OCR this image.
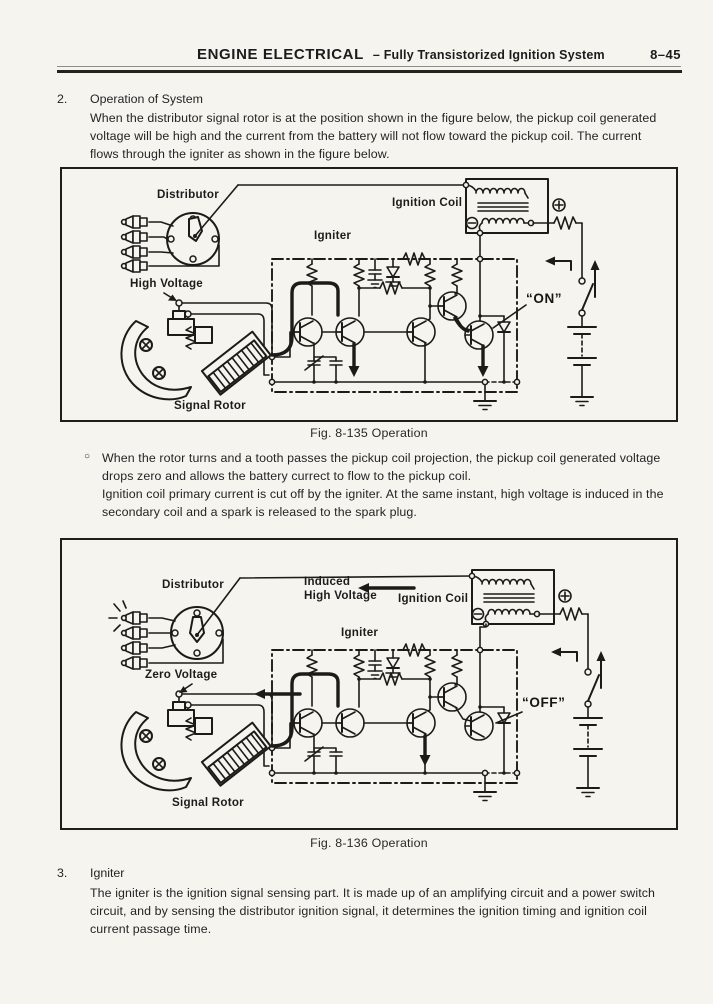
ENGINE ELECTRICAL – Fully Transistorized Ignition System	8–45
2. Operation of System
When the distributor signal rotor is at the position shown in the figure below, the pickup coil generated voltage will be high and the current from the battery will not flow toward the pickup coil. The current flows through the igniter as shown in the figure below.
Distributor
Ignition Coil
Igniter
High Voltage
“ON”
Signal Rotor
Fig. 8-135 Operation
○ When the rotor turns and a tooth passes the pickup coil projection, the pickup coil generated voltage drops zero and allows the battery currect to flow to the pickup coil.
Ignition coil primary current is cut off by the igniter. At the same instant, high voltage is induced in the secondary coil and a spark is released to the spark plug.
Distributor	Induced
High Voltage Ignition Coil
Igniter
Zero Voltage
“OFF”
Signal Rotor
Fig. 8-136 Operation
3. Igniter
The igniter is the ignition signal sensing part. It is made up of an amplifying circuit and a power switch circuit, and by sensing the distributor ignition signal, it determines the ignition timing and ignition coil current passage time.
